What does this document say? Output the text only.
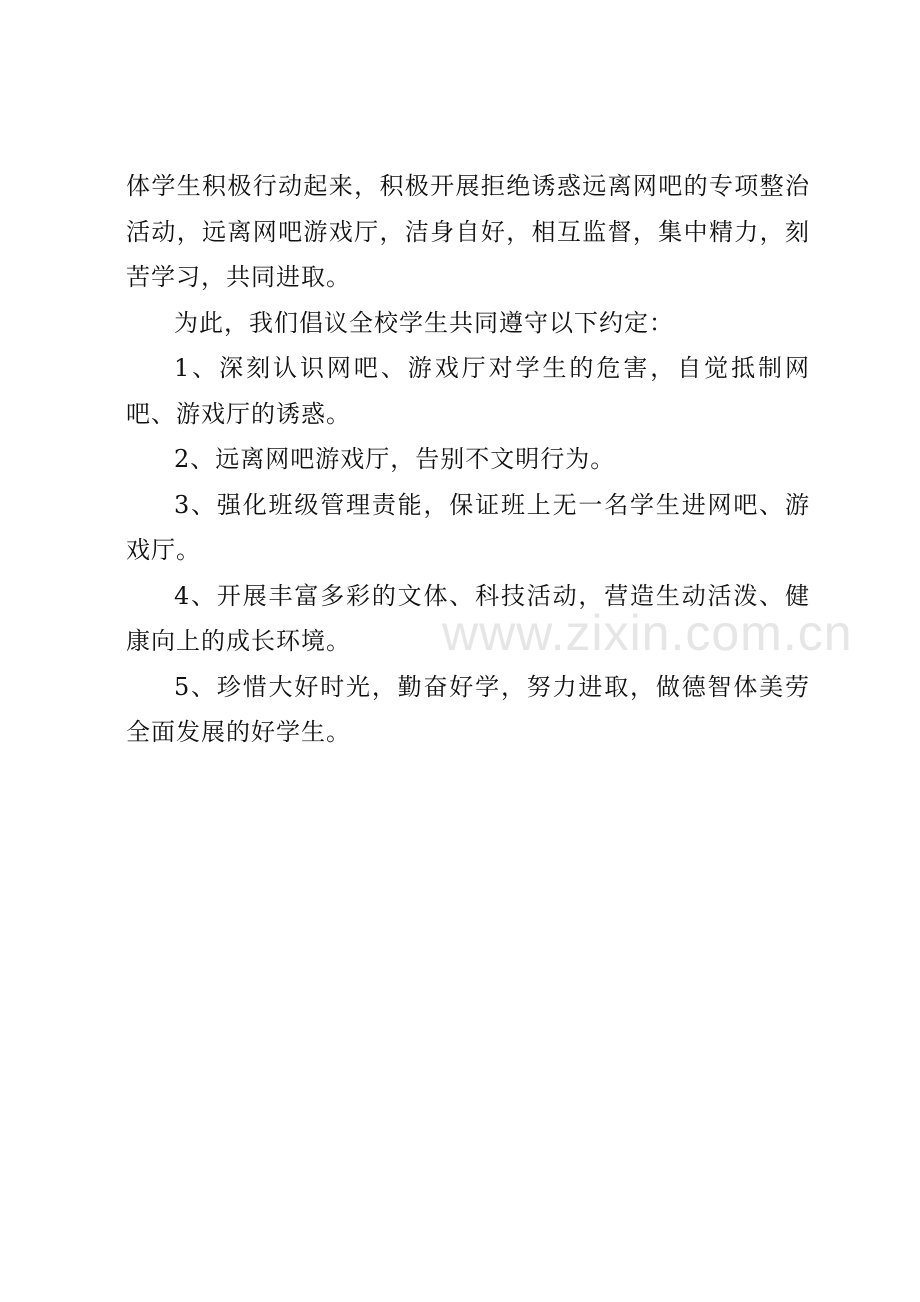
www.zixin.com.cn

体学生积极行动起来，积极开展拒绝诱惑远离网吧的专项整治活动，远离网吧游戏厅，洁身自好，相互监督，集中精力，刻苦学习，共同进取。

为此，我们倡议全校学生共同遵守以下约定：

1、深刻认识网吧、游戏厅对学生的危害，自觉抵制网吧、游戏厅的诱惑。

2、远离网吧游戏厅，告别不文明行为。

3、强化班级管理责能，保证班上无一名学生进网吧、游戏厅。

4、开展丰富多彩的文体、科技活动，营造生动活泼、健康向上的成长环境。

5、珍惜大好时光，勤奋好学，努力进取，做德智体美劳全面发展的好学生。
